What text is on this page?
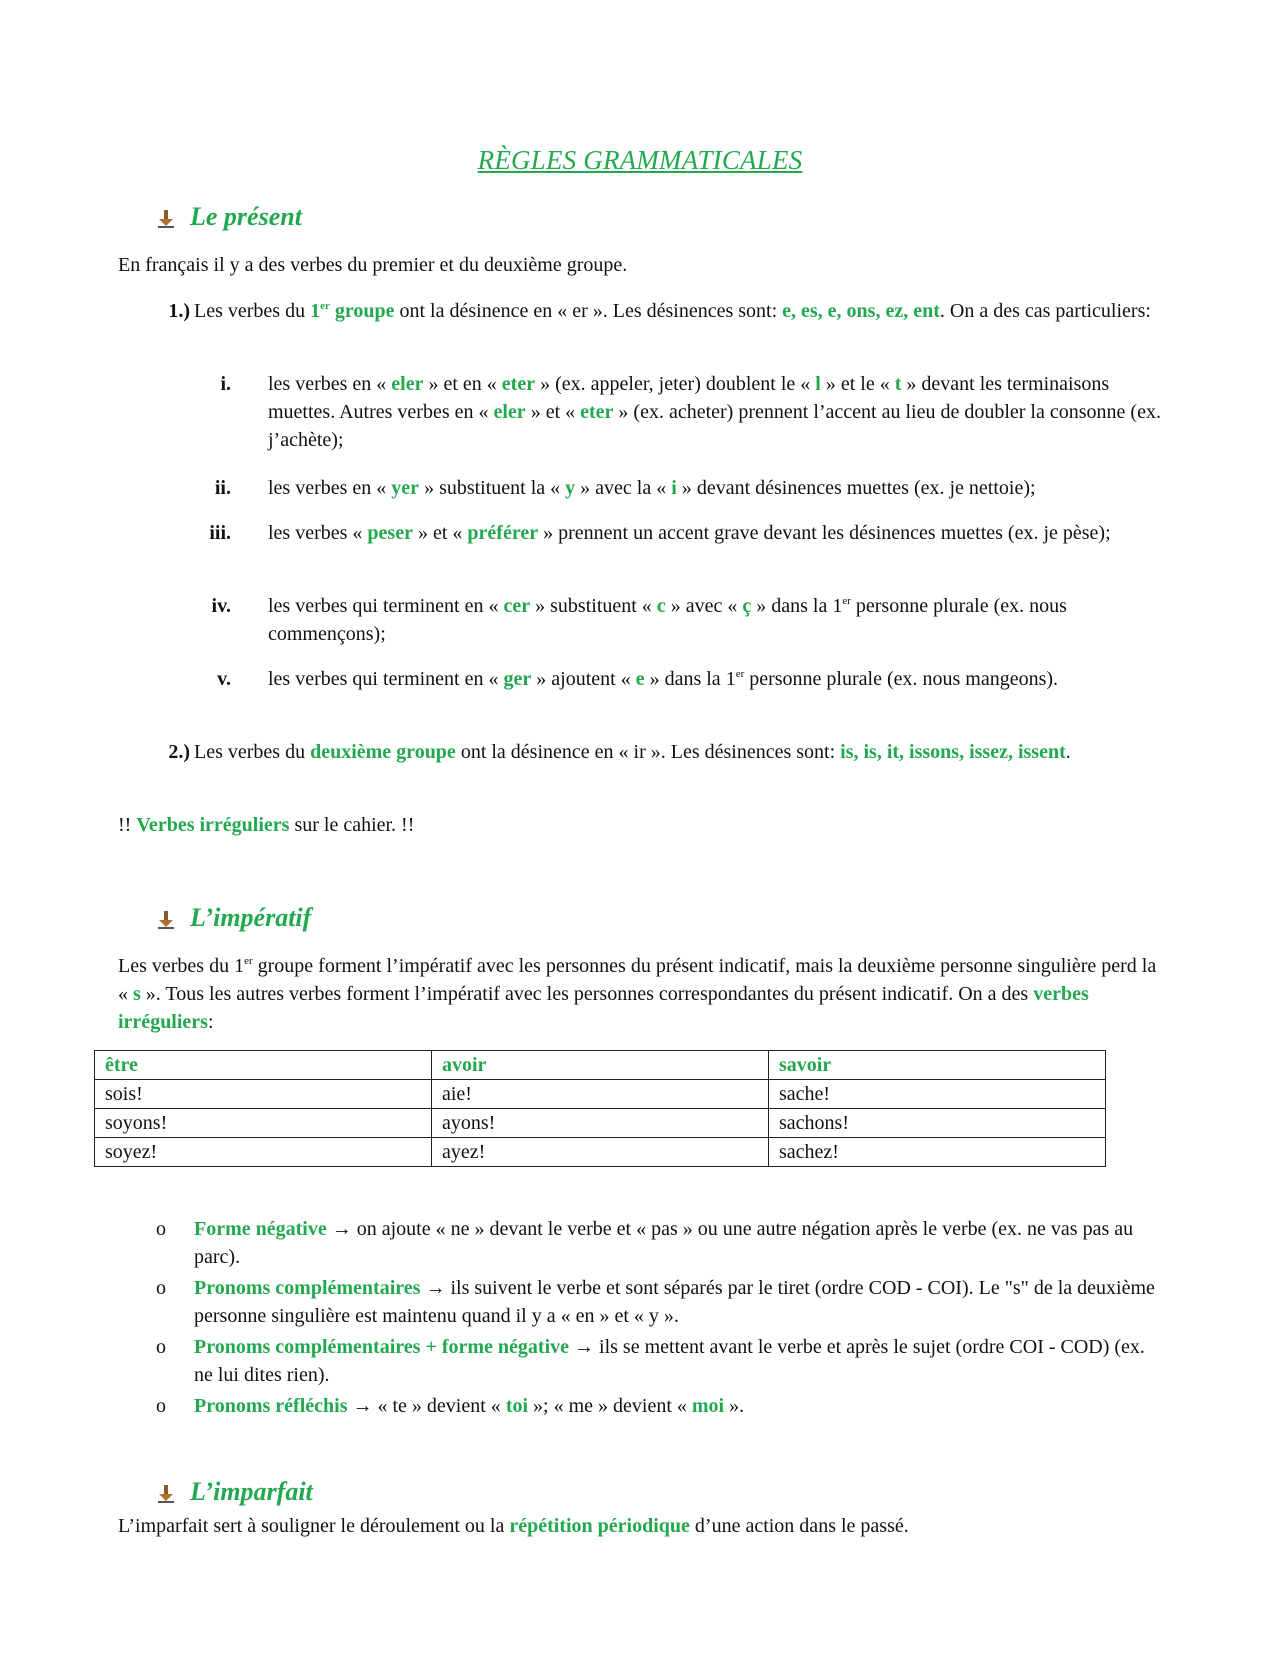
RÈGLES GRAMMATICALES
Le présent
En français il y a des verbes du premier et du deuxième groupe.
1.) Les verbes du 1er groupe ont la désinence en « er ». Les désinences sont: e, es, e, ons, ez, ent. On a des cas particuliers:
i. les verbes en « eler » et en « eter » (ex. appeler, jeter) doublent le « l » et le « t » devant les terminaisons muettes. Autres verbes en « eler » et « eter » (ex. acheter) prennent l’accent au lieu de doubler la consonne (ex. j’achète);
ii. les verbes en « yer » substituent la « y » avec la « i » devant désinences muettes (ex. je nettoie);
iii. les verbes « peser » et « préférer » prennent un accent grave devant les désinences muettes (ex. je pèse);
iv. les verbes qui terminent en « cer » substituent « c » avec « ç » dans la 1er personne plurale (ex. nous commençons);
v. les verbes qui terminent en « ger » ajoutent « e » dans la 1er personne plurale (ex. nous mangeons).
2.) Les verbes du deuxième groupe ont la désinence en « ir ». Les désinences sont: is, is, it, issons, issez, issent.
!! Verbes irréguliers sur le cahier. !!
L’impératif
Les verbes du 1er groupe forment l’impératif avec les personnes du présent indicatif, mais la deuxième personne singulière perd la « s ». Tous les autres verbes forment l’impératif avec les personnes correspondantes du présent indicatif. On a des verbes irréguliers:
être	avoir	savoir
sois!	aie!	sache!
soyons!	ayons!	sachons!
soyez!	ayez!	sachez!
o Forme négative → on ajoute « ne » devant le verbe et « pas » ou une autre négation après le verbe (ex. ne vas pas au parc).
o Pronoms complémentaires → ils suivent le verbe et sont séparés par le tiret (ordre COD - COI). Le "s" de la deuxième personne singulière est maintenu quand il y a « en » et « y ».
o Pronoms complémentaires + forme négative → ils se mettent avant le verbe et après le sujet (ordre COI - COD) (ex. ne lui dites rien).
o Pronoms réfléchis → « te » devient « toi »; « me » devient « moi ».
L’imparfait
L’imparfait sert à souligner le déroulement ou la répétition périodique d’une action dans le passé.
